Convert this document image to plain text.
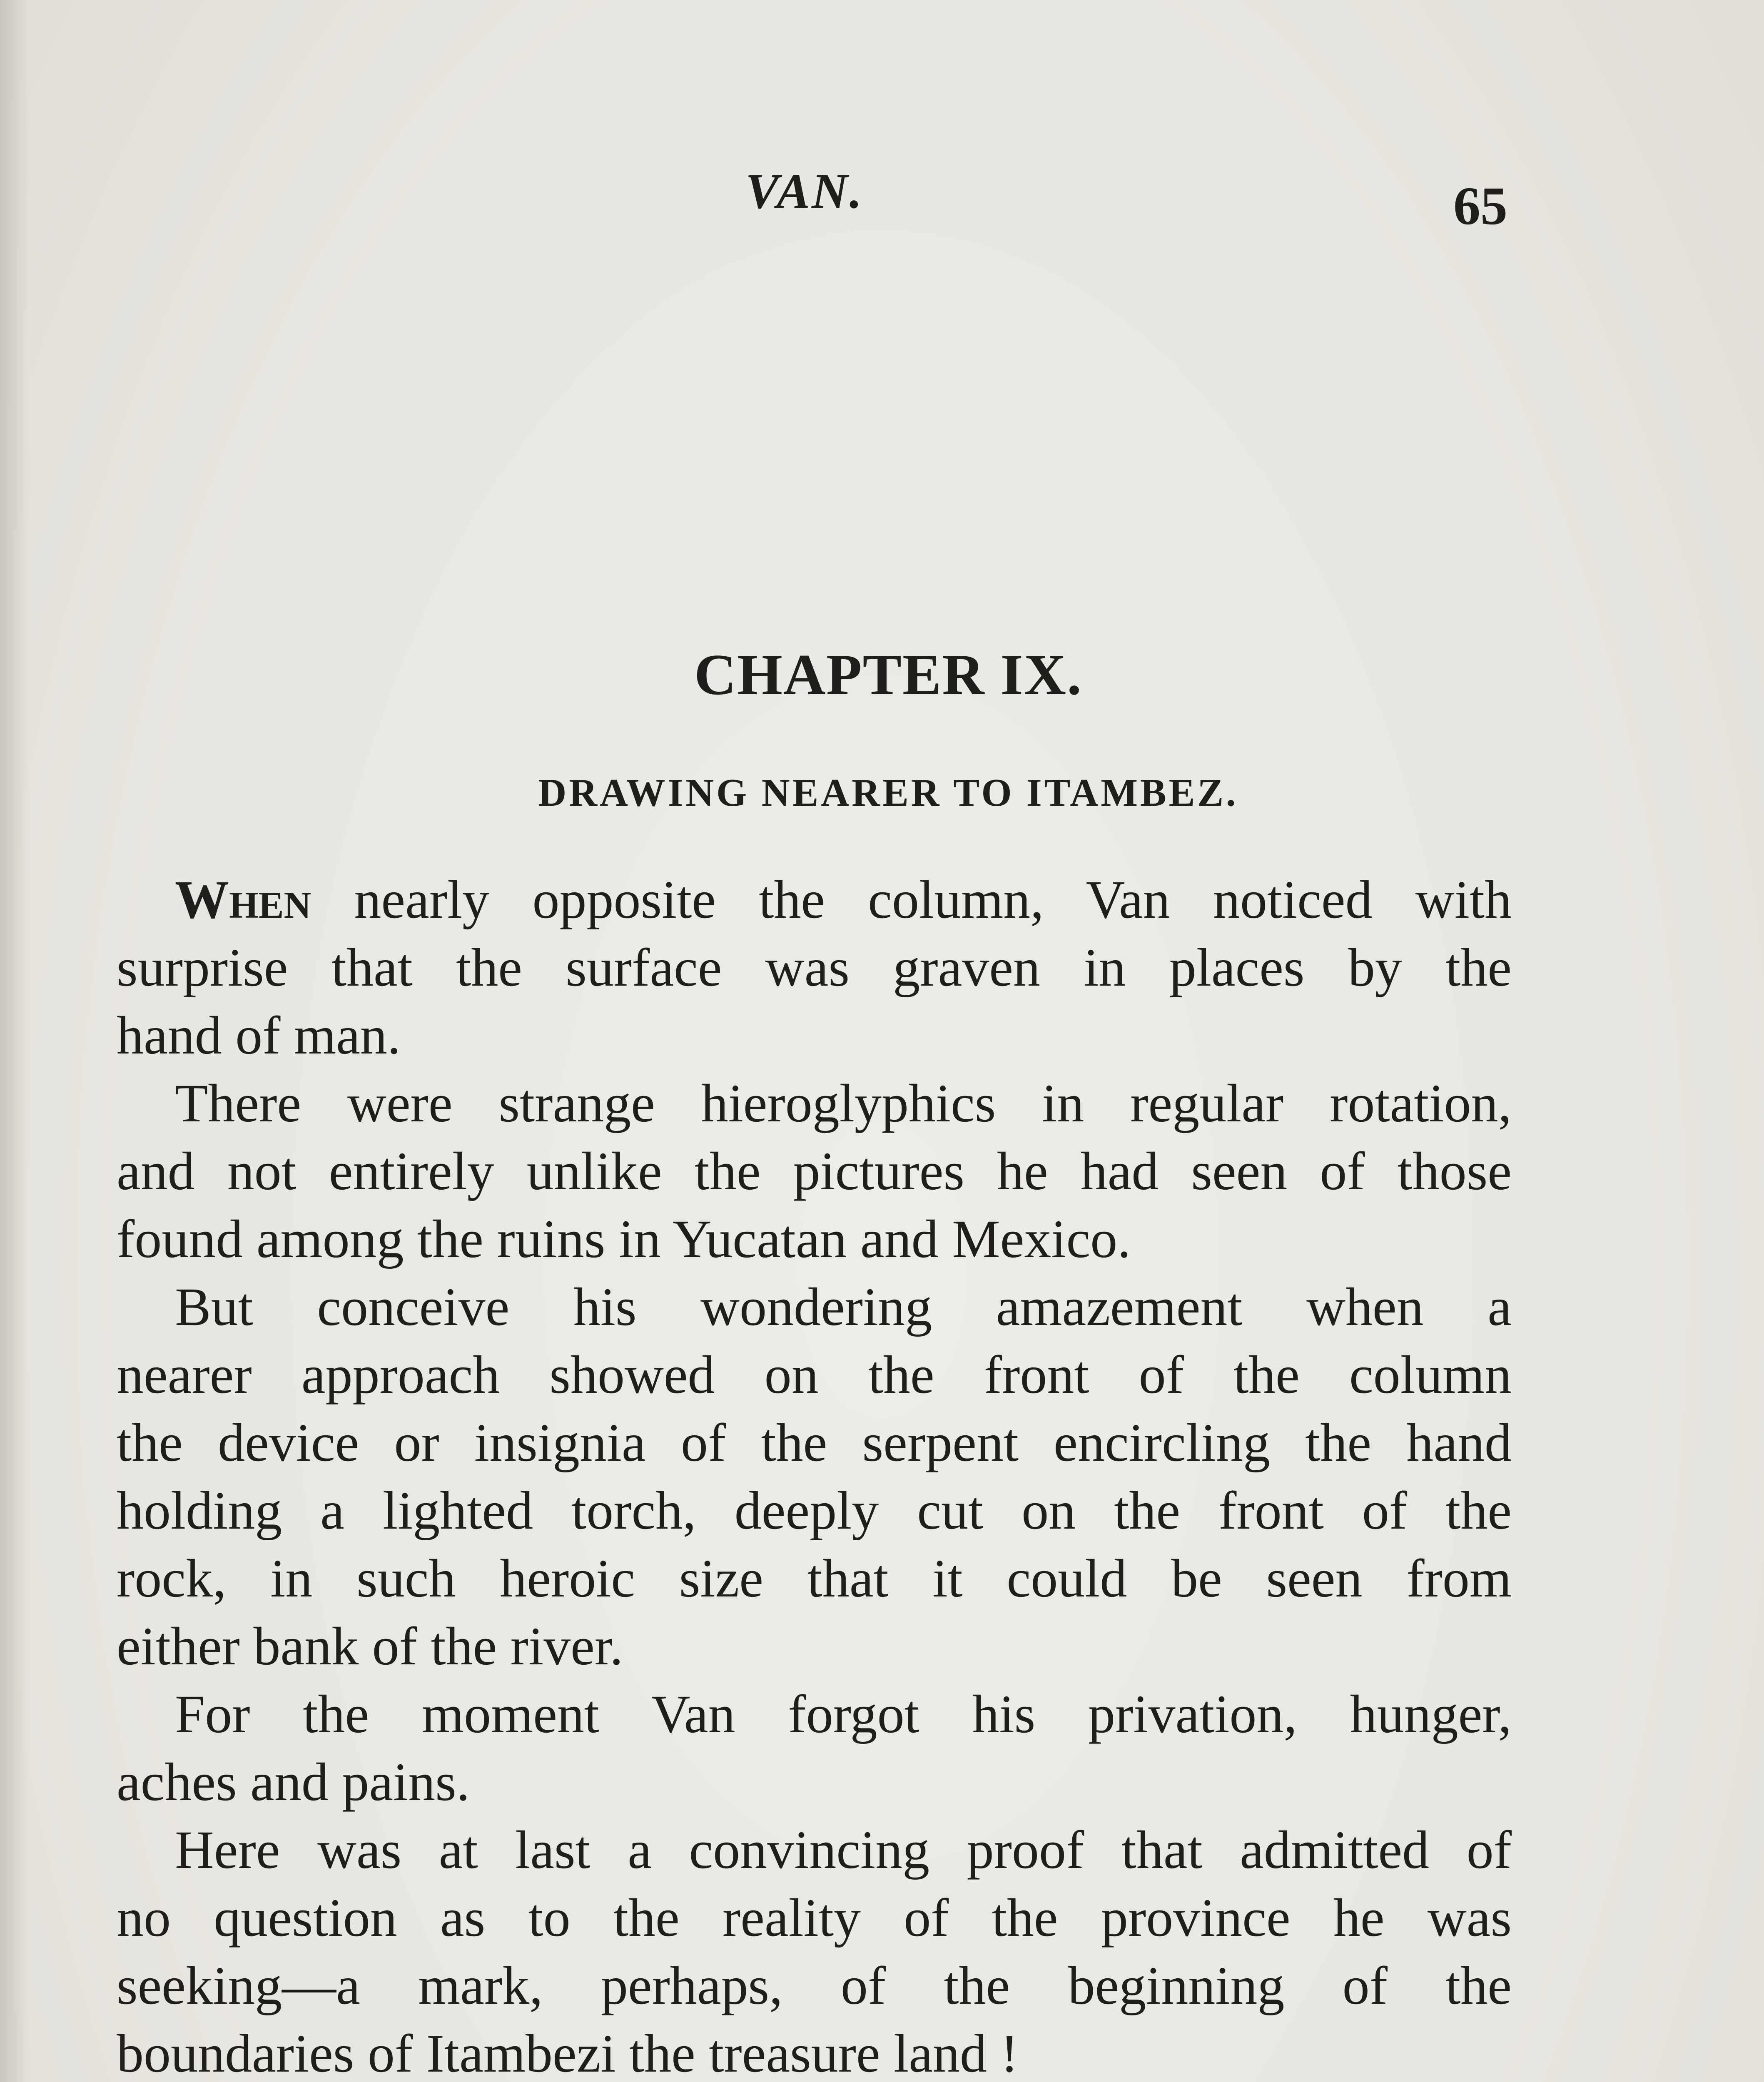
VAN.	65
CHAPTER IX.
DRAWING NEARER TO ITAMBEZ.
When nearly opposite the column, Van noticed with
surprise that the surface was graven in places by the
hand of man.
There were strange hieroglyphics in regular rotation,
and not entirely unlike the pictures he had seen of those
found among the ruins in Yucatan and Mexico.
But conceive his wondering amazement when a
nearer approach showed on the front of the column
the device or insignia of the serpent encircling the hand
holding a lighted torch, deeply cut on the front of the
rock, in such heroic size that it could be seen from
either bank of the river.
For the moment Van forgot his privation, hunger,
aches and pains.
Here was at last a convincing proof that admitted of
no question as to the reality of the province he was
seeking—a mark, perhaps, of the beginning of the
boundaries of Itambezi the treasure land !
